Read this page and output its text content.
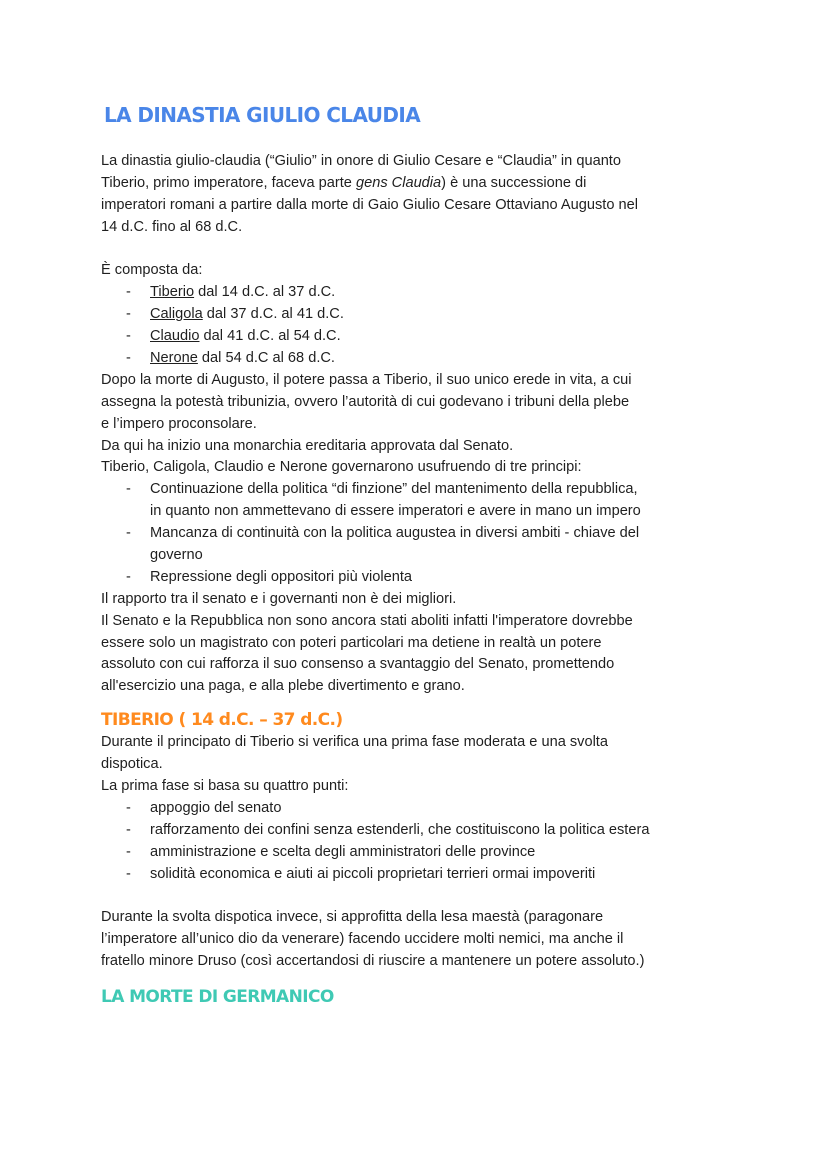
LA DINASTIA GIULIO CLAUDIA
La dinastia giulio-claudia (“Giulio” in onore di Giulio Cesare e “Claudia” in quanto
Tiberio, primo imperatore, faceva parte gens Claudia) è una successione di
imperatori romani a partire dalla morte di Gaio Giulio Cesare Ottaviano Augusto nel
14 d.C. fino al 68 d.C.
È composta da:
- Tiberio dal 14 d.C. al 37 d.C.
- Caligola dal 37 d.C. al 41 d.C.
- Claudio dal 41 d.C. al 54 d.C.
- Nerone dal 54 d.C al 68 d.C.
Dopo la morte di Augusto, il potere passa a Tiberio, il suo unico erede in vita, a cui
assegna la potestà tribunizia, ovvero l’autorità di cui godevano i tribuni della plebe
e l’impero proconsolare.
Da qui ha inizio una monarchia ereditaria approvata dal Senato.
Tiberio, Caligola, Claudio e Nerone governarono usufruendo di tre principi:
- Continuazione della politica “di finzione” del mantenimento della repubblica,
in quanto non ammettevano di essere imperatori e avere in mano un impero
- Mancanza di continuità con la politica augustea in diversi ambiti - chiave del
governo
- Repressione degli oppositori più violenta
Il rapporto tra il senato e i governanti non è dei migliori.
Il Senato e la Repubblica non sono ancora stati aboliti infatti l'imperatore dovrebbe
essere solo un magistrato con poteri particolari ma detiene in realtà un potere
assoluto con cui rafforza il suo consenso a svantaggio del Senato, promettendo
all'esercizio una paga, e alla plebe divertimento e grano.
TIBERIO ( 14 d.C. – 37 d.C.)
Durante il principato di Tiberio si verifica una prima fase moderata e una svolta
dispotica.
La prima fase si basa su quattro punti:
- appoggio del senato
- rafforzamento dei confini senza estenderli, che costituiscono la politica estera
- amministrazione e scelta degli amministratori delle province
- solidità economica e aiuti ai piccoli proprietari terrieri ormai impoveriti
Durante la svolta dispotica invece, si approfitta della lesa maestà (paragonare
l’imperatore all’unico dio da venerare) facendo uccidere molti nemici, ma anche il
fratello minore Druso (così accertandosi di riuscire a mantenere un potere assoluto.)
LA MORTE DI GERMANICO
